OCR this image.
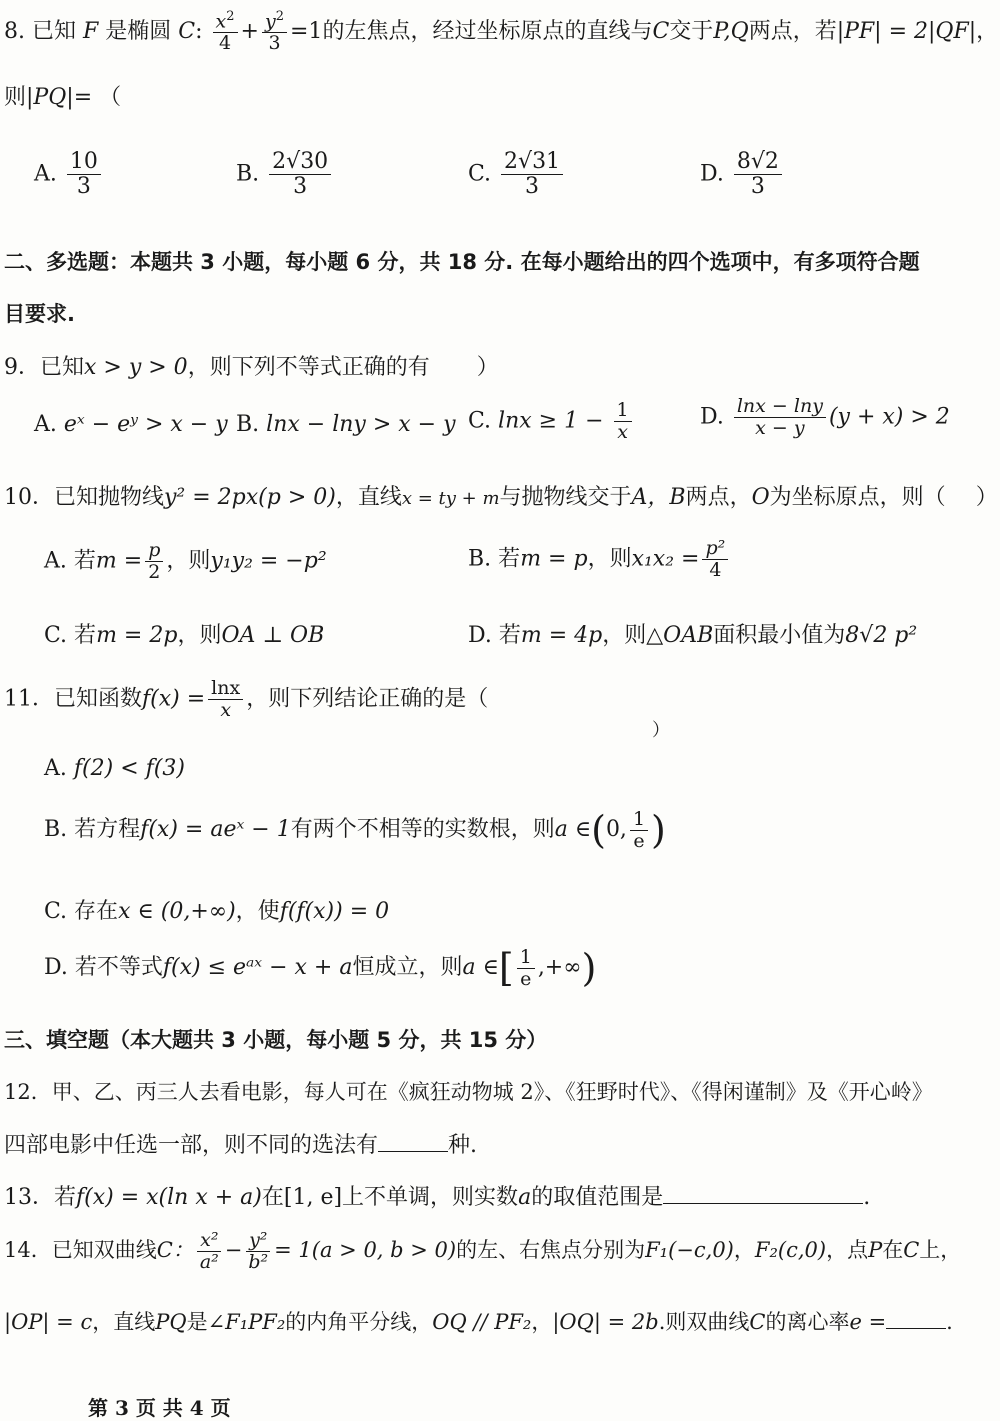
8. 已知 F 是椭圆 C: $\frac{x^2}{4} + \frac{y^2}{3} =1$的左焦点，经过坐标原点的直线与C交于P,Q两点，若|PF| = 2|QF|，
则|PQ|= （
A. $\frac{10}{3}$	B. $\frac{2√30}{3}$	C. $\frac{2√31}{3}$	D. $\frac{8√2}{3}$
二、多选题：本题共 3 小题，每小题 6 分，共 18 分. 在每小题给出的四个选项中，有多项符合题
目要求.
9．已知x > y > 0，则下列不等式正确的有 ）
A. eˣ − eʸ > x − y B. lnx − lny > x − y C. $\ln x \ge 1 - \frac{1}{x}$	D. $\frac{\ln x - \ln y}{x - y} (y + x) > 2$
10．已知抛物线y² = 2px(p > 0)，直线x = ty + m与抛物线交于A，B两点，O为坐标原点，则（ ）
A. 若$m = \frac{p}{2}$ ，则y₁y₂ = −p²	B. 若m = p，则$x_1x_2 = \frac{\text{p²}}{4}$
C. 若m = 2p，则OA ⊥ OB	D. 若m = 4p，则△OAB面积最小值为8√2 p²
11．已知函数$f(x) = \frac{\ln x}{x}$ ，则下列结论正确的是（
）
A. f(2) < f(3)
B. 若方程f(x) = aeˣ − 1有两个不相等的实数根，则a ∈(0, $\frac{1}{e}$ )
C. 存在x ∈ (0,+∞)，使f(f(x)) = 0
D. 若不等式f(x) ≤ eᵃˣ − x + a恒成立，则a ∈[ $\frac{1}{e}$ ,+∞)
三、填空题（本大题共 3 小题，每小题 5 分，共 15 分）
12．甲、乙、丙三人去看电影，每人可在《疯狂动物城 2》、《狂野时代》、《得闲谨制》及《开心岭》
四部电影中任选一部，则不同的选法有	种.
13．若f(x) = x(ln x + a)在[1, e]上不单调，则实数a的取值范围是	.
14．已知双曲线C： $\frac{\text{x²}}{\text{a²}} - \frac{\text{y²}}{\text{b²}} = 1(a > 0$, b > 0)的左、右焦点分别为F₁(−c,0)，F₂(c,0)，点P在C上，
|OP| = c，直线PQ是∠F₁PF₂的内角平分线，OQ // PF₂，|OQ| = 2b.则双曲线C的离心率e =	.
第 3 页 共 4 页
